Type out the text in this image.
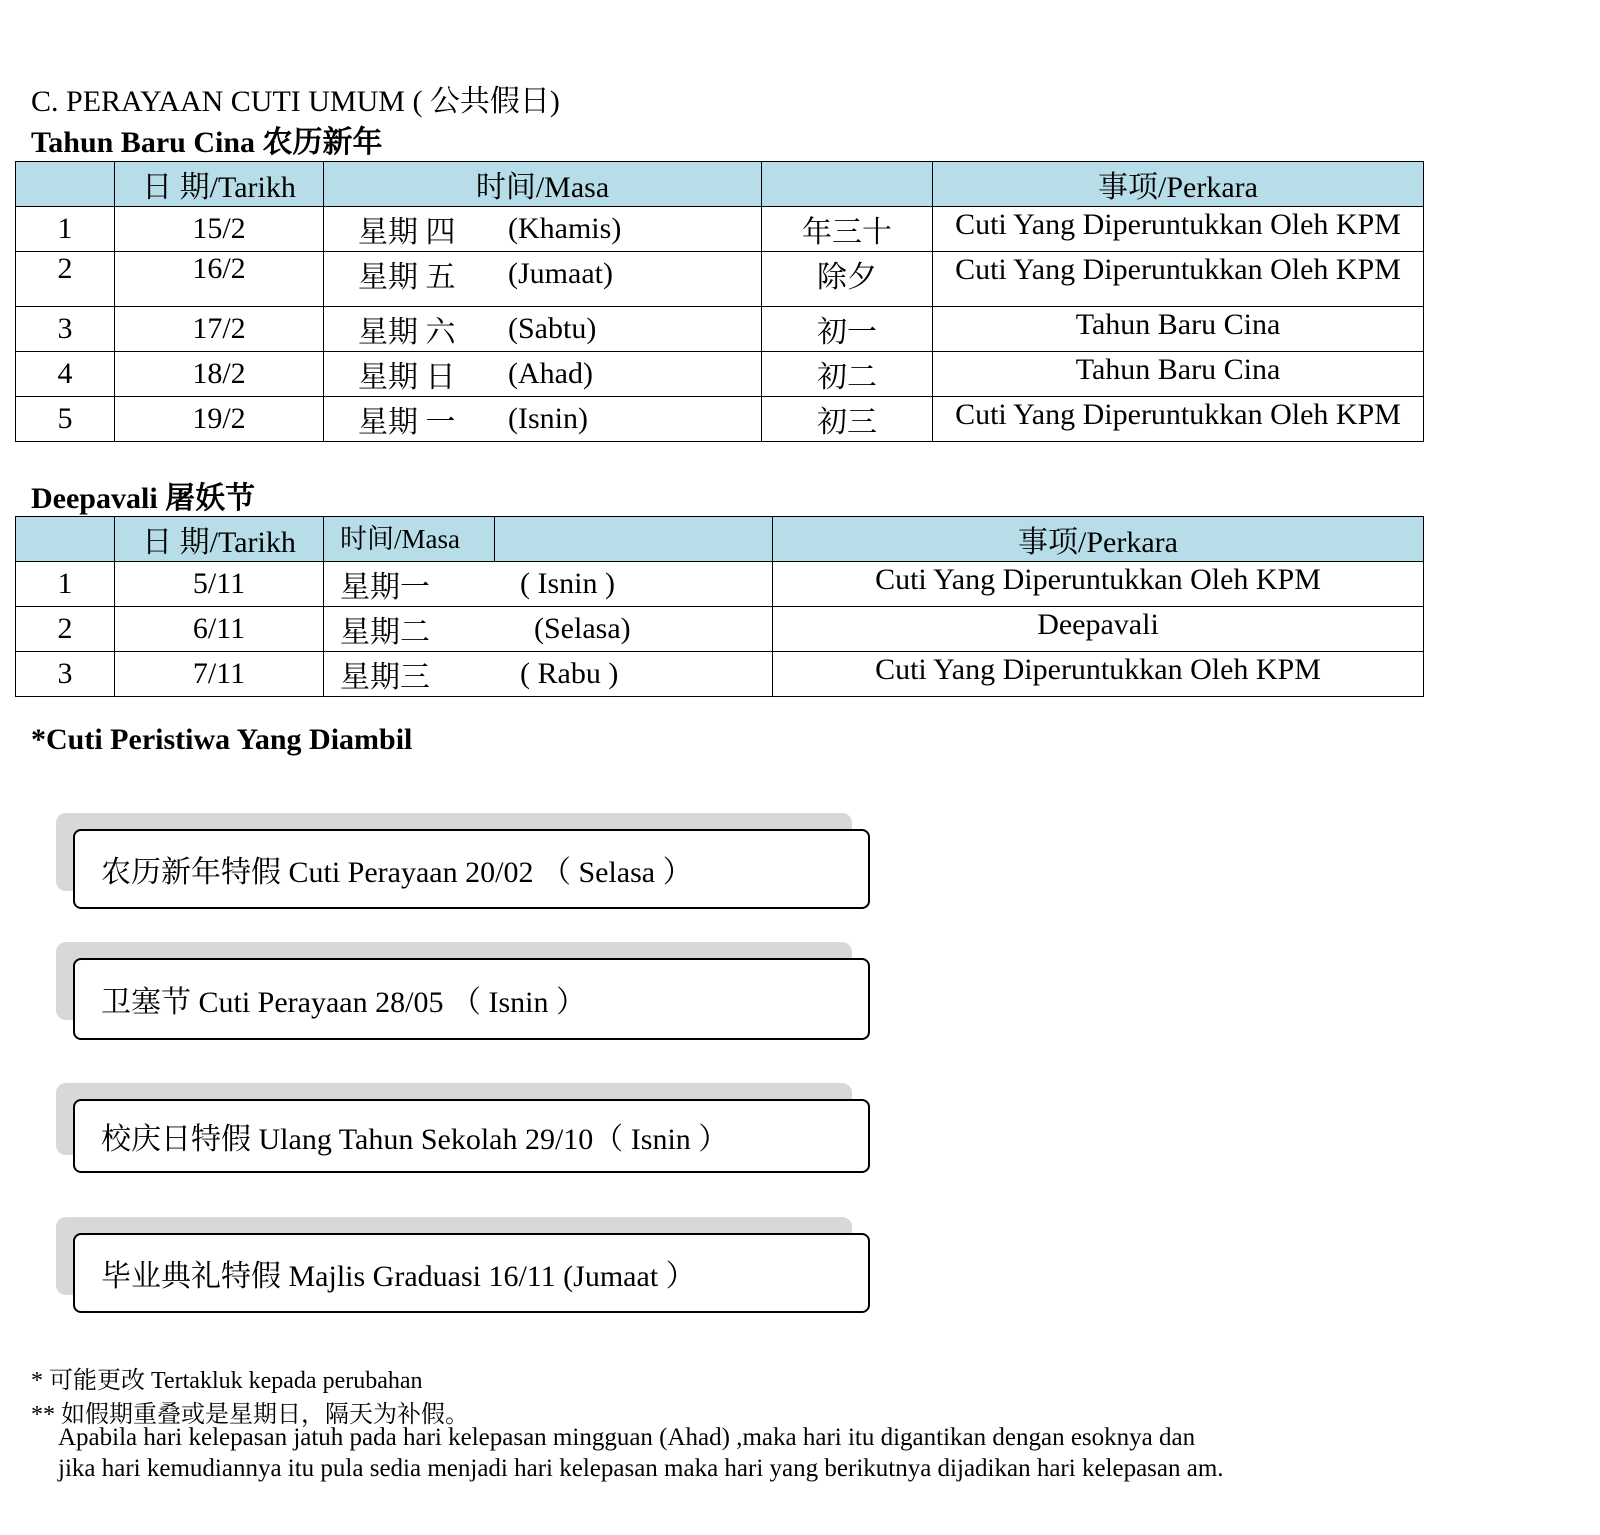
C. PERAYAAN CUTI UMUM ( 公共假日)
Tahun Baru Cina 农历新年
	日 期/Tarikh	时间/Masa		事项/Perkara
1	15/2	星期 四 (Khamis)	年三十	Cuti Yang Diperuntukkan Oleh KPM
2	16/2	星期 五 (Jumaat)	除夕	Cuti Yang Diperuntukkan Oleh KPM
3	17/2	星期 六 (Sabtu)	初一	Tahun Baru Cina
4	18/2	星期 日 (Ahad)	初二	Tahun Baru Cina
5	19/2	星期 一 (Isnin)	初三	Cuti Yang Diperuntukkan Oleh KPM
Deepavali 屠妖节
	日 期/Tarikh	时间/Masa		事项/Perkara
1	5/11	星期一 ( Isnin )		Cuti Yang Diperuntukkan Oleh KPM
2	6/11	星期二 (Selasa)		Deepavali
3	7/11	星期三 ( Rabu )		Cuti Yang Diperuntukkan Oleh KPM
*Cuti Peristiwa Yang Diambil
农历新年特假 Cuti Perayaan 20/02 （ Selasa ）
卫塞节 Cuti Perayaan 28/05 （ Isnin ）
校庆日特假 Ulang Tahun Sekolah 29/10（ Isnin ）
毕业典礼特假 Majlis Graduasi 16/11 (Jumaat ）
* 可能更改 Tertakluk kepada perubahan
** 如假期重叠或是星期日，隔天为补假。
Apabila hari kelepasan jatuh pada hari kelepasan mingguan (Ahad) ,maka hari itu digantikan dengan esoknya dan jika hari kemudiannya itu pula sedia menjadi hari kelepasan maka hari yang berikutnya dijadikan hari kelepasan am.
